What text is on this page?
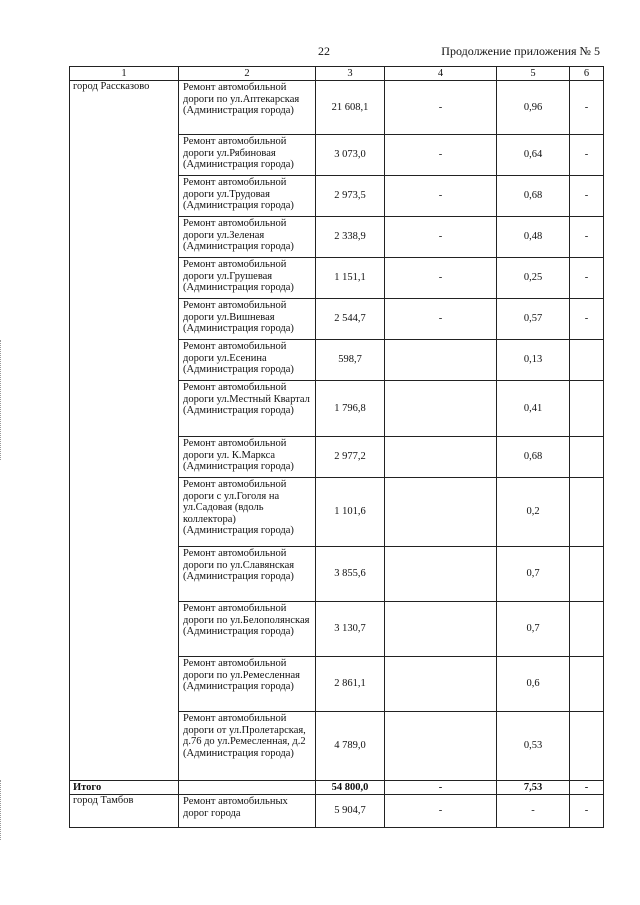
22	Продолжение приложения № 5
1	2	3	4	5	6
город Рассказово	Ремонт автомобильной дороги по ул.Аптекарская (Администрация города)	21 608,1	-	0,96	-
	Ремонт автомобильной дороги ул.Рябиновая (Администрация города)	3 073,0	-	0,64	-
	Ремонт автомобильной дороги ул.Трудовая (Администрация города)	2 973,5	-	0,68	-
	Ремонт автомобильной дороги ул.Зеленая (Администрация города)	2 338,9	-	0,48	-
	Ремонт автомобильной дороги ул.Грушевая (Администрация города)	1 151,1	-	0,25	-
	Ремонт автомобильной дороги ул.Вишневая (Администрация города)	2 544,7	-	0,57	-
	Ремонт автомобильной дороги ул.Есенина (Администрация города)	598,7		0,13	
	Ремонт автомобильной дороги ул.Местный Квартал (Администрация города)	1 796,8		0,41	
	Ремонт автомобильной дороги ул. К.Маркса (Администрация города)	2 977,2		0,68	
	Ремонт автомобильной дороги с ул.Гоголя на ул.Садовая (вдоль коллектора) (Администрация города)	1 101,6		0,2	
	Ремонт автомобильной дороги по ул.Славянская (Администрация города)	3 855,6		0,7	
	Ремонт автомобильной дороги по ул.Белополянская (Администрация города)	3 130,7		0,7	
	Ремонт автомобильной дороги по ул.Ремесленная (Администрация города)	2 861,1		0,6	
	Ремонт автомобильной дороги от ул.Пролетарская, д.76 до ул.Ремесленная, д.2 (Администрация города)	4 789,0		0,53	
Итого		54 800,0	-	7,53	-
город Тамбов	Ремонт автомобильных дорог города	5 904,7	-	-	-
